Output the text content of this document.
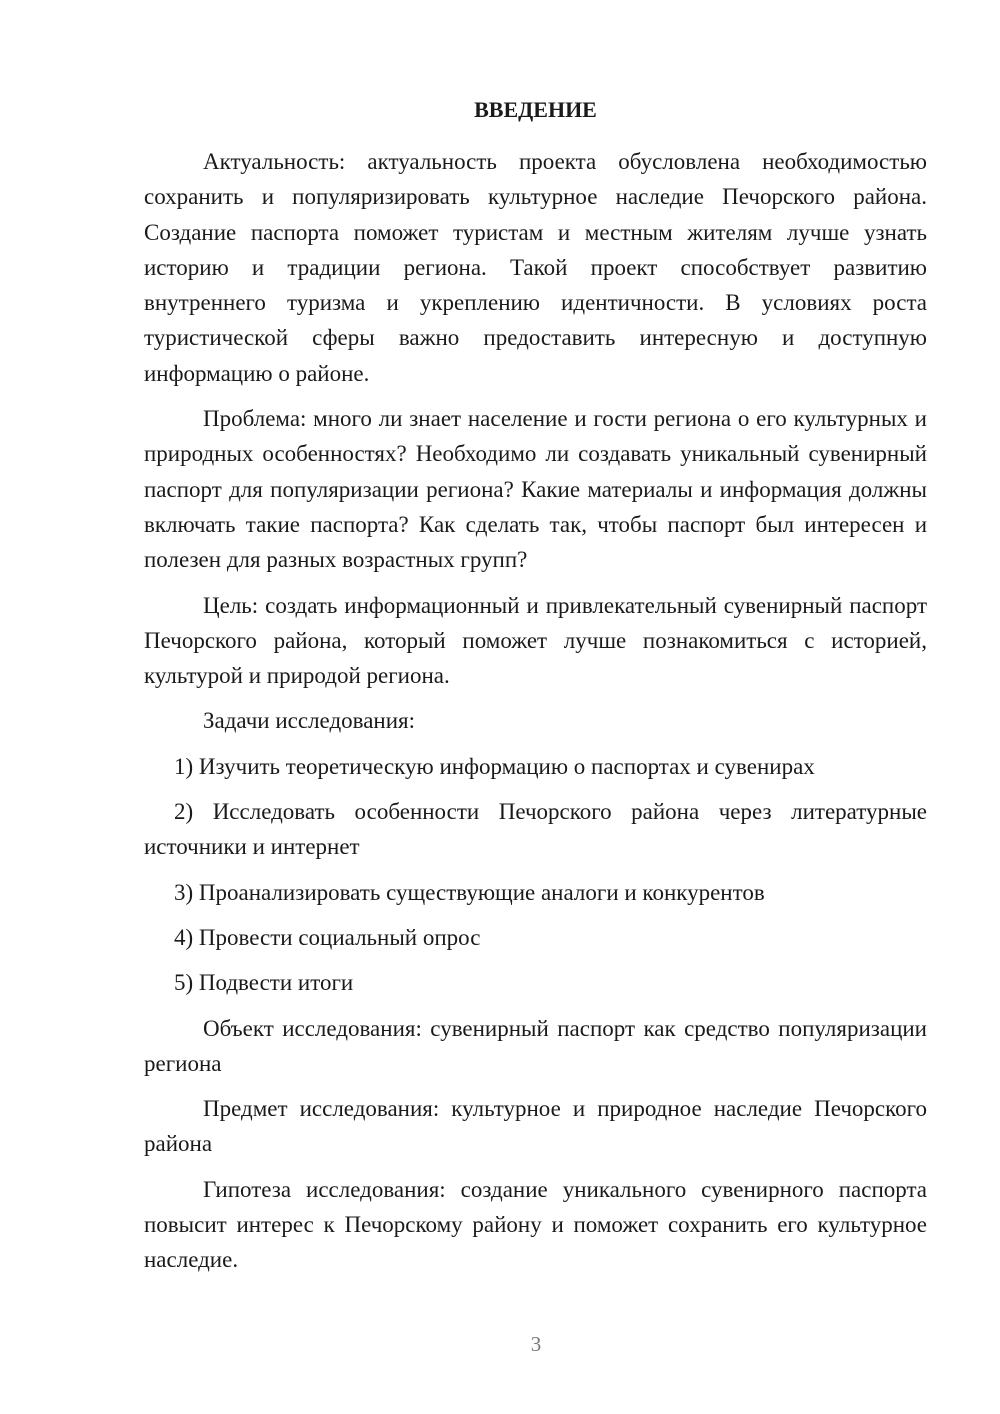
ВВЕДЕНИЕ

Актуальность: актуальность проекта обусловлена необходимостью сохранить и популяризировать культурное наследие Печорского района. Создание паспорта поможет туристам и местным жителям лучше узнать историю и традиции региона. Такой проект способствует развитию внутреннего туризма и укреплению идентичности. В условиях роста туристической сферы важно предоставить интересную и доступную информацию о районе.

Проблема: много ли знает население и гости региона о его культурных и природных особенностях? Необходимо ли создавать уникальный сувенирный паспорт для популяризации региона? Какие материалы и информация должны включать такие паспорта? Как сделать так, чтобы паспорт был интересен и полезен для разных возрастных групп?

Цель: создать информационный и привлекательный сувенирный паспорт Печорского района, который поможет лучше познакомиться с историей, культурой и природой региона.

Задачи исследования:

1) Изучить теоретическую информацию о паспортах и сувенирах

2) Исследовать особенности Печорского района через литературные источники и интернет

3) Проанализировать существующие аналоги и конкурентов

4) Провести социальный опрос

5) Подвести итоги

Объект исследования: сувенирный паспорт как средство популяризации региона

Предмет исследования: культурное и природное наследие Печорского района

Гипотеза исследования: создание уникального сувенирного паспорта повысит интерес к Печорскому району и поможет сохранить его культурное наследие.

3
